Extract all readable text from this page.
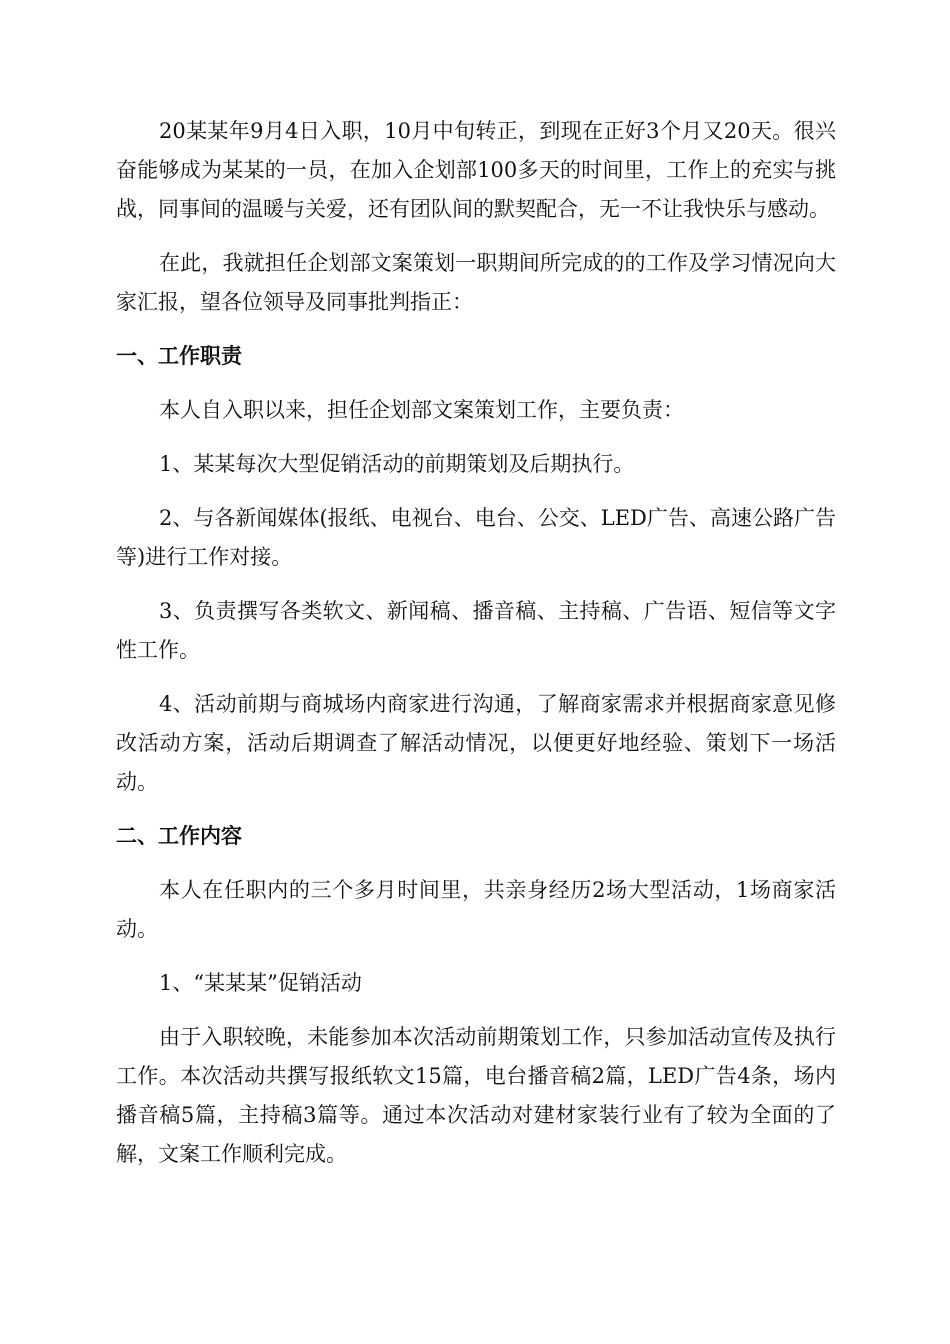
20某某年9月4日入职，10月中旬转正，到现在正好3个月又20天。很兴奋能够成为某某的一员，在加入企划部100多天的时间里，工作上的充实与挑战，同事间的温暖与关爱，还有团队间的默契配合，无一不让我快乐与感动。

在此，我就担任企划部文案策划一职期间所完成的的工作及学习情况向大家汇报，望各位领导及同事批判指正：

一、工作职责

本人自入职以来，担任企划部文案策划工作，主要负责：

1、某某每次大型促销活动的前期策划及后期执行。

2、与各新闻媒体(报纸、电视台、电台、公交、LED广告、高速公路广告等)进行工作对接。

3、负责撰写各类软文、新闻稿、播音稿、主持稿、广告语、短信等文字性工作。

4、活动前期与商城场内商家进行沟通，了解商家需求并根据商家意见修改活动方案，活动后期调查了解活动情况，以便更好地经验、策划下一场活动。

二、工作内容

本人在任职内的三个多月时间里，共亲身经历2场大型活动，1场商家活动。

1、“某某某”促销活动

由于入职较晚，未能参加本次活动前期策划工作，只参加活动宣传及执行工作。本次活动共撰写报纸软文15篇，电台播音稿2篇，LED广告4条，场内播音稿5篇，主持稿3篇等。通过本次活动对建材家装行业有了较为全面的了解，文案工作顺利完成。
